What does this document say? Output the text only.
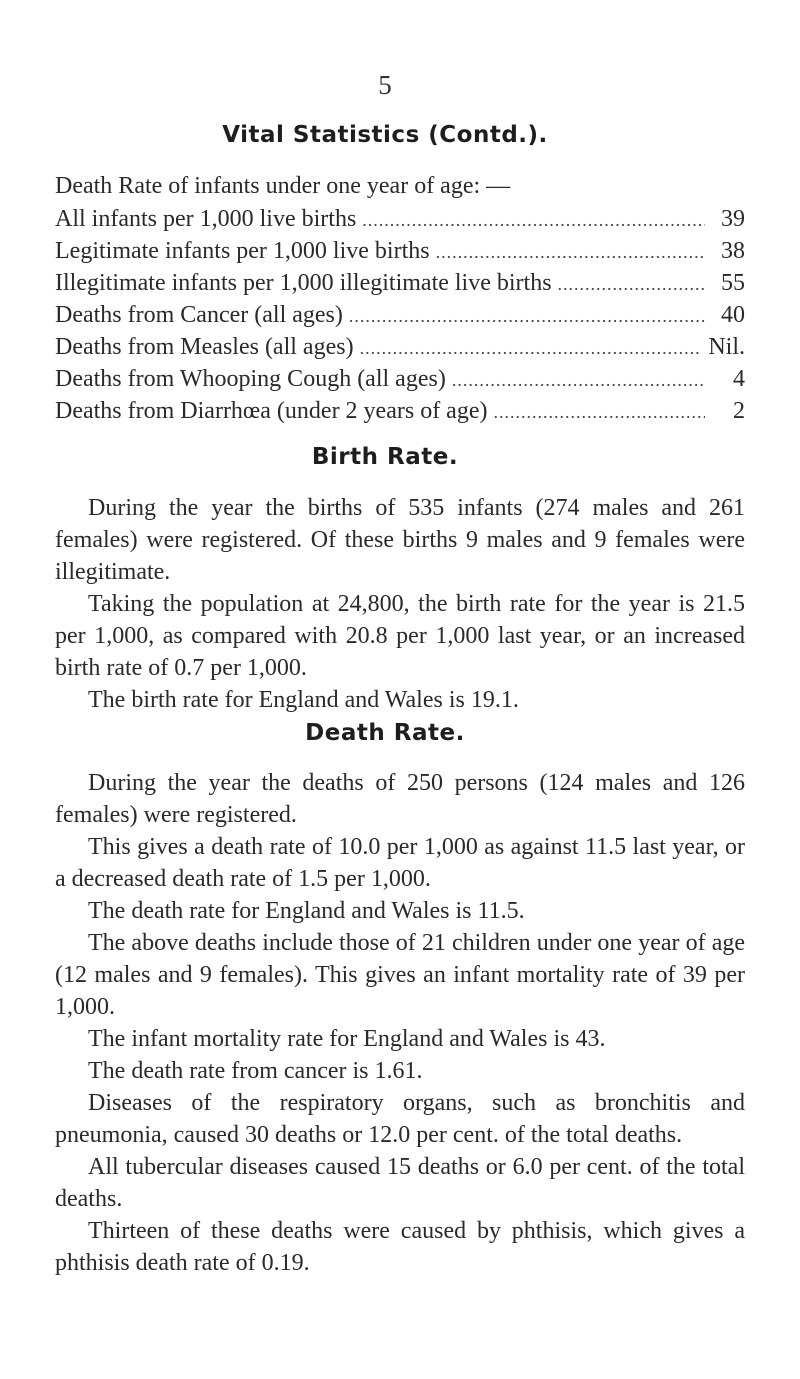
5
Vital Statistics (Contd.).
Death Rate of infants under one year of age: —
All infants per 1,000 live births .....	39
Legitimate infants per 1,000 live births .....	38
Illegitimate infants per 1,000 illegitimate live births .....	55
Deaths from Cancer (all ages) .....	40
Deaths from Measles (all ages) .....	Nil.
Deaths from Whooping Cough (all ages) .....	4
Deaths from Diarrhœa (under 2 years of age) .....	2
Birth Rate.

During the year the births of 535 infants (274 males and 261 females) were registered. Of these births 9 males and 9 females were illegitimate.

Taking the population at 24,800, the birth rate for the year is 21.5 per 1,000, as compared with 20.8 per 1,000 last year, or an increased birth rate of 0.7 per 1,000.

The birth rate for England and Wales is 19.1.

Death Rate.

During the year the deaths of 250 persons (124 males and 126 females) were registered.

This gives a death rate of 10.0 per 1,000 as against 11.5 last year, or a decreased death rate of 1.5 per 1,000.

The death rate for England and Wales is 11.5.

The above deaths include those of 21 children under one year of age (12 males and 9 females). This gives an infant mortality rate of 39 per 1,000.

The infant mortality rate for England and Wales is 43.

The death rate from cancer is 1.61.

Diseases of the respiratory organs, such as bronchitis and pneumonia, caused 30 deaths or 12.0 per cent. of the total deaths.

All tubercular diseases caused 15 deaths or 6.0 per cent. of the total deaths.

Thirteen of these deaths were caused by phthisis, which gives a phthisis death rate of 0.19.
